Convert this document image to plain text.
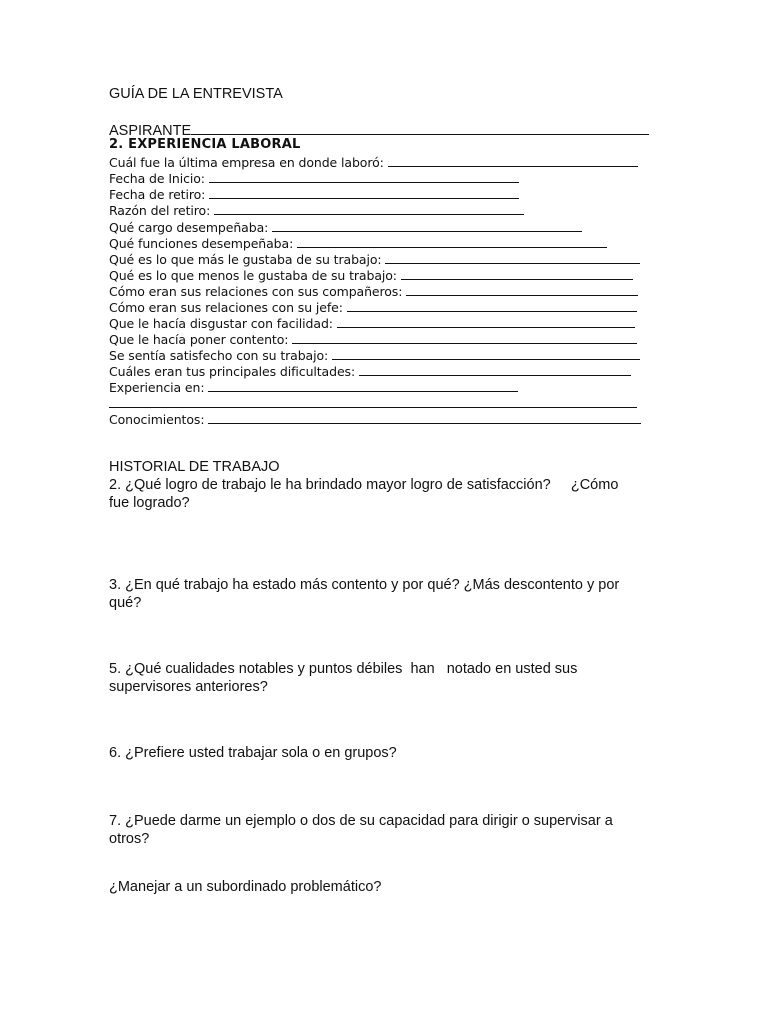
GUÍA DE LA ENTREVISTA
ASPIRANTE
2. EXPERIENCIA LABORAL
Cuál fue la última empresa en donde laboró:
Fecha de Inicio:
Fecha de retiro:
Razón del retiro:
Qué cargo desempeñaba:
Qué funciones desempeñaba:
Qué es lo que más le gustaba de su trabajo:
Qué es lo que menos le gustaba de su trabajo:
Cómo eran sus relaciones con sus compañeros:
Cómo eran sus relaciones con su jefe:
Que le hacía disgustar con facilidad:
Que le hacía poner contento:
Se sentía satisfecho con su trabajo:
Cuáles eran tus principales dificultades:
Experiencia en:
Conocimientos:
HISTORIAL DE TRABAJO
2. ¿Qué logro de trabajo le ha brindado mayor logro de satisfacción?     ¿Cómo
fue logrado?
3. ¿En qué trabajo ha estado más contento y por qué? ¿Más descontento y por
qué?
5. ¿Qué cualidades notables y puntos débiles  han   notado en usted sus
supervisores anteriores?
6. ¿Prefiere usted trabajar sola o en grupos?
7. ¿Puede darme un ejemplo o dos de su capacidad para dirigir o supervisar a
otros?
¿Manejar a un subordinado problemático?
